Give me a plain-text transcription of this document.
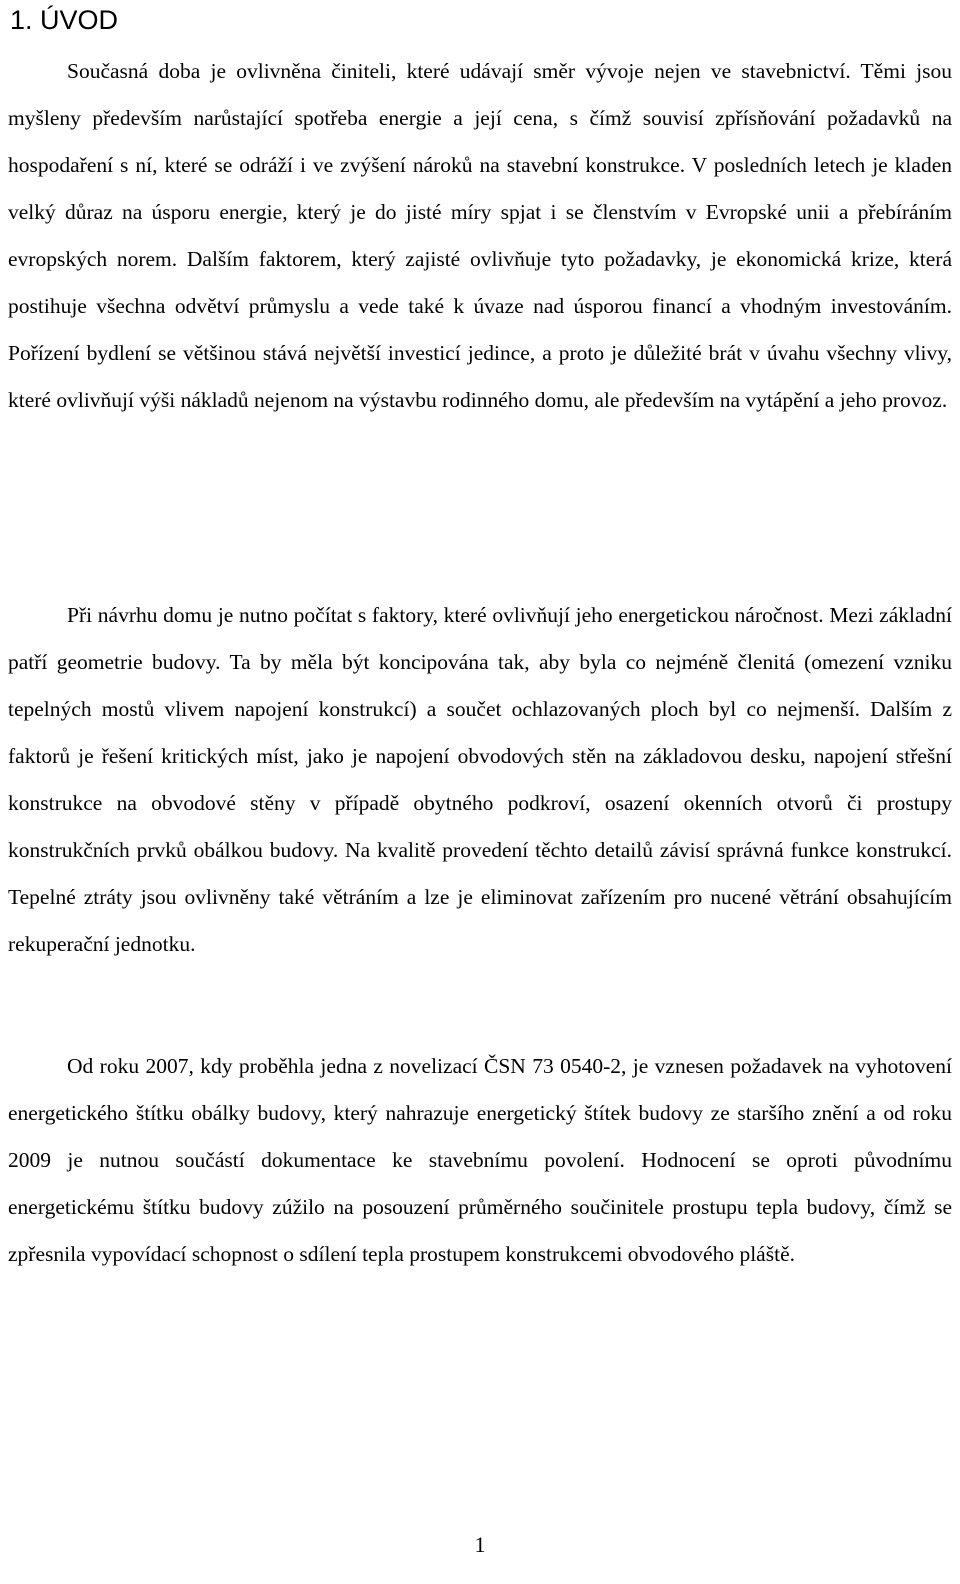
1. ÚVOD

Současná doba je ovlivněna činiteli, které udávají směr vývoje nejen ve stavebnictví. Těmi jsou myšleny především narůstající spotřeba energie a její cena, s čímž souvisí zpřísňování požadavků na hospodaření s ní, které se odráží i ve zvýšení nároků na stavební konstrukce. V posledních letech je kladen velký důraz na úsporu energie, který je do jisté míry spjat i se členstvím v Evropské unii a přebíráním evropských norem. Dalším faktorem, který zajisté ovlivňuje tyto požadavky, je ekonomická krize, která postihuje všechna odvětví průmyslu a vede také k úvaze nad úsporou financí a vhodným investováním. Pořízení bydlení se většinou stává největší investicí jedince, a proto je důležité brát v úvahu všechny vlivy, které ovlivňují výši nákladů nejenom na výstavbu rodinného domu, ale především na vytápění a jeho provoz.

Při návrhu domu je nutno počítat s faktory, které ovlivňují jeho energetickou náročnost. Mezi základní patří geometrie budovy. Ta by měla být koncipována tak, aby byla co nejméně členitá (omezení vzniku tepelných mostů vlivem napojení konstrukcí) a součet ochlazovaných ploch byl co nejmenší. Dalším z faktorů je řešení kritických míst, jako je napojení obvodových stěn na základovou desku, napojení střešní konstrukce na obvodové stěny v případě obytného podkroví, osazení okenních otvorů či prostupy konstrukčních prvků obálkou budovy. Na kvalitě provedení těchto detailů závisí správná funkce konstrukcí. Tepelné ztráty jsou ovlivněny také větráním a lze je eliminovat zařízením pro nucené větrání obsahujícím rekuperační jednotku.

Od roku 2007, kdy proběhla jedna z novelizací ČSN 73 0540-2, je vznesen požadavek na vyhotovení energetického štítku obálky budovy, který nahrazuje energetický štítek budovy ze staršího znění a od roku 2009 je nutnou součástí dokumentace ke stavebnímu povolení. Hodnocení se oproti původnímu energetickému štítku budovy zúžilo na posouzení průměrného součinitele prostupu tepla budovy, čímž se zpřesnila vypovídací schopnost o sdílení tepla prostupem konstrukcemi obvodového pláště.

1
